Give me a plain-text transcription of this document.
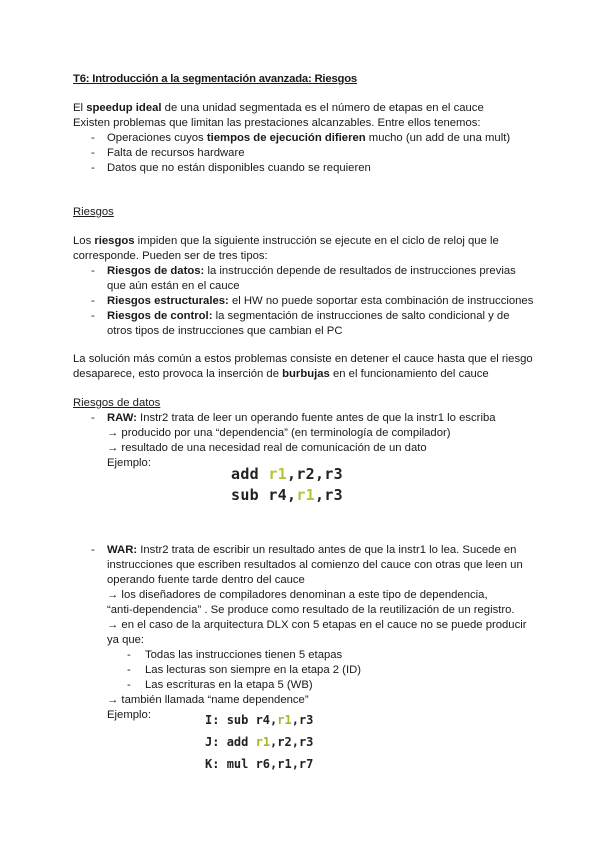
T6: Introducción a la segmentación avanzada: Riesgos
El speedup ideal de una unidad segmentada es el número de etapas en el cauce
Existen problemas que limitan las prestaciones alcanzables. Entre ellos tenemos:
- Operaciones cuyos tiempos de ejecución difieren mucho (un add de una mult)
- Falta de recursos hardware
- Datos que no están disponibles cuando se requieren
Riesgos
Los riesgos impiden que la siguiente instrucción se ejecute en el ciclo de reloj que le
corresponde. Pueden ser de tres tipos:
- Riesgos de datos: la instrucción depende de resultados de instrucciones previas
que aún están en el cauce
- Riesgos estructurales: el HW no puede soportar esta combinación de instrucciones
- Riesgos de control: la segmentación de instrucciones de salto condicional y de
otros tipos de instrucciones que cambian el PC
La solución más común a estos problemas consiste en detener el cauce hasta que el riesgo
desaparece, esto provoca la inserción de burbujas en el funcionamiento del cauce
Riesgos de datos
- RAW: Instr2 trata de leer un operando fuente antes de que la instr1 lo escriba
→ producido por una “dependencia” (en terminología de compilador)
→ resultado de una necesidad real de comunicación de un dato
Ejemplo:
add r1,r2,r3
sub r4,r1,r3
- WAR: Instr2 trata de escribir un resultado antes de que la instr1 lo lea. Sucede en
instrucciones que escriben resultados al comienzo del cauce con otras que leen un
operando fuente tarde dentro del cauce
→ los diseñadores de compiladores denominan a este tipo de dependencia,
“anti-dependencia” . Se produce como resultado de la reutilización de un registro.
→ en el caso de la arquitectura DLX con 5 etapas en el cauce no se puede producir
ya que:
- Todas las instrucciones tienen 5 etapas
- Las lecturas son siempre en la etapa 2 (ID)
- Las escrituras en la etapa 5 (WB)
→ también llamada “name dependence”
Ejemplo:	I: sub r4,r1,r3
J: add r1,r2,r3
K: mul r6,r1,r7
